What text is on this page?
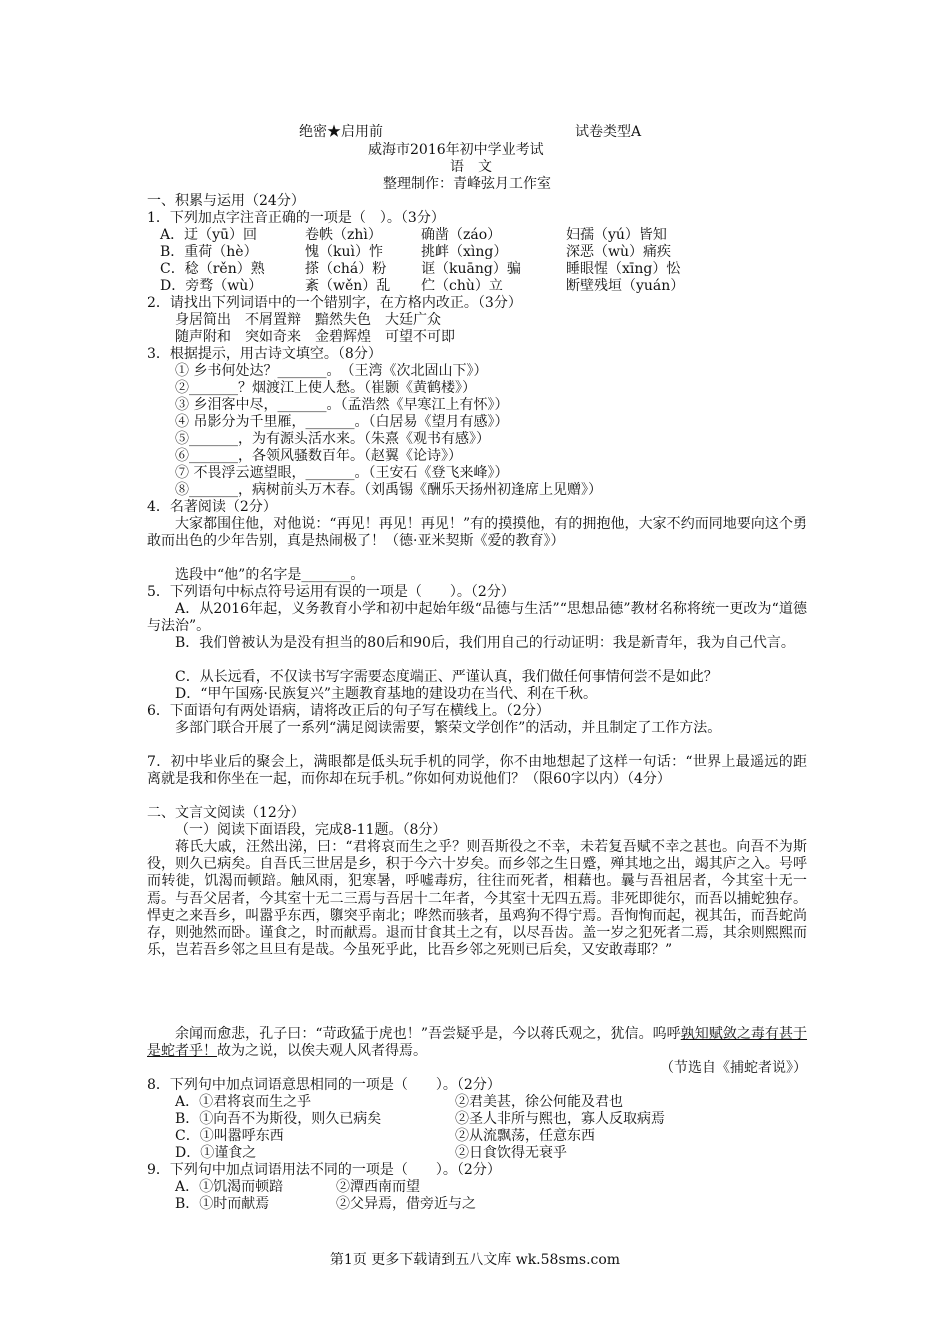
绝密★启用前	试卷类型A
威海市2016年初中学业考试
语　文
整理制作：青峰弦月工作室
一、积累与运用（24分）
1．下列加点字注音正确的一项是（　）。（3分）
A．迂（yū）回	卷帙（zhì）	确凿（záo）	妇孺（yú）皆知
B．重荷（hè）	愧（kuì）怍	挑衅（xìng）	深恶（wù）痛疾
C．稔（rěn）熟	搽（chá）粉 诓（kuāng）骗	睡眼惺（xīng）忪
D．旁骛（wù）	紊（wěn）乱 伫（chù）立	断壁残垣（yuán）
2．请找出下列词语中的一个错别字，在方格内改正。（3分）
身居简出　不屑置辩　黯然失色　大廷广众
随声附和　突如奇来　金碧辉煌　可望不可即
3．根据提示，用古诗文填空。（8分）
① 乡书何处达？_______。　（王湾《次北固山下》）
②_______？烟渡江上使人愁。（崔颢《黄鹤楼》）
③ 乡泪客中尽，_______。（孟浩然《早寒江上有怀》）
④ 吊影分为千里雁，_______。（白居易《望月有感》）
⑤_______，为有源头活水来。（朱熹《观书有感》）
⑥_______，各领风骚数百年。（赵翼《论诗》）
⑦ 不畏浮云遮望眼，_______。（王安石《登飞来峰》）
⑧_______，病树前头万木春。（刘禹锡《酬乐天扬州初逢席上见赠》）
4．名著阅读（2分）
大家都围住他，对他说：“再见！再见！再见！”有的摸摸他，有的拥抱他，大家不约而同地要向这个勇敢而出色的少年告别，真是热闹极了！（德·亚米契斯《爱的教育》）
选段中“他”的名字是_______。
5．下列语句中标点符号运用有误的一项是（　　）。（2分）
A．从2016年起，义务教育小学和初中起始年级“品德与生活”“思想品德”教材名称将统一更改为“道德与法治”。
B．我们曾被认为是没有担当的80后和90后，我们用自己的行动证明：我是新青年，我为自己代言。
C．从长远看，不仅读书写字需要态度端正、严谨认真，我们做任何事情何尝不是如此？
D．“甲午国殇·民族复兴”主题教育基地的建设功在当代、利在千秋。
6．下面语句有两处语病，请将改正后的句子写在横线上。（2分）
多部门联合开展了一系列“满足阅读需要，繁荣文学创作”的活动，并且制定了工作方法。
7．初中毕业后的聚会上，满眼都是低头玩手机的同学，你不由地想起了这样一句话：“世界上最遥远的距离就是我和你坐在一起，而你却在玩手机。”你如何劝说他们？（限60字以内）（4分）
二、文言文阅读（12分）
（一）阅读下面语段，完成8-11题。（8分）
蒋氏大戚，汪然出涕，曰：“君将哀而生之乎？则吾斯役之不幸，未若复吾赋不幸之甚也。向吾不为斯役，则久已病矣。自吾氏三世居是乡，积于今六十岁矣。而乡邻之生日蹙，殚其地之出，竭其庐之入。号呼而转徙，饥渴而顿踣。触风雨，犯寒暑，呼嘘毒疠，往往而死者，相藉也。曩与吾祖居者，今其室十无一焉。与吾父居者，今其室十无二三焉与吾居十二年者，今其室十无四五焉。非死即徙尔，而吾以捕蛇独存。悍吏之来吾乡，叫嚣乎东西，隳突乎南北；哗然而骇者，虽鸡狗不得宁焉。吾恂恂而起，视其缶，而吾蛇尚存，则弛然而卧。谨食之，时而献焉。退而甘食其土之有，以尽吾齿。盖一岁之犯死者二焉，其余则熙熙而乐，岂若吾乡邻之旦旦有是哉。今虽死乎此，比吾乡邻之死则已后矣，又安敢毒耶？”
余闻而愈悲，孔子曰：“苛政猛于虎也！”吾尝疑乎是，今以蒋氏观之，犹信。呜呼孰知赋敛之毒有甚于是蛇者乎！故为之说，以俟夫观人风者得焉。
（节选自《捕蛇者说》）
8．下列句中加点词语意思相同的一项是（　　）。（2分）
A．①君将哀而生之乎	②君美甚，徐公何能及君也
B．①向吾不为斯役，则久已病矣	②圣人非所与熙也，寡人反取病焉
C．①叫嚣呼东西	②从流飘荡，任意东西
D．①谨食之	②日食饮得无衰乎
9．下列句中加点词语用法不同的一项是（　　）。（2分）
A．①饥渴而顿踣	②潭西南而望
B．①时而献焉	②父异焉，借旁近与之
第1页 更多下载请到五八文库 wk.58sms.com
